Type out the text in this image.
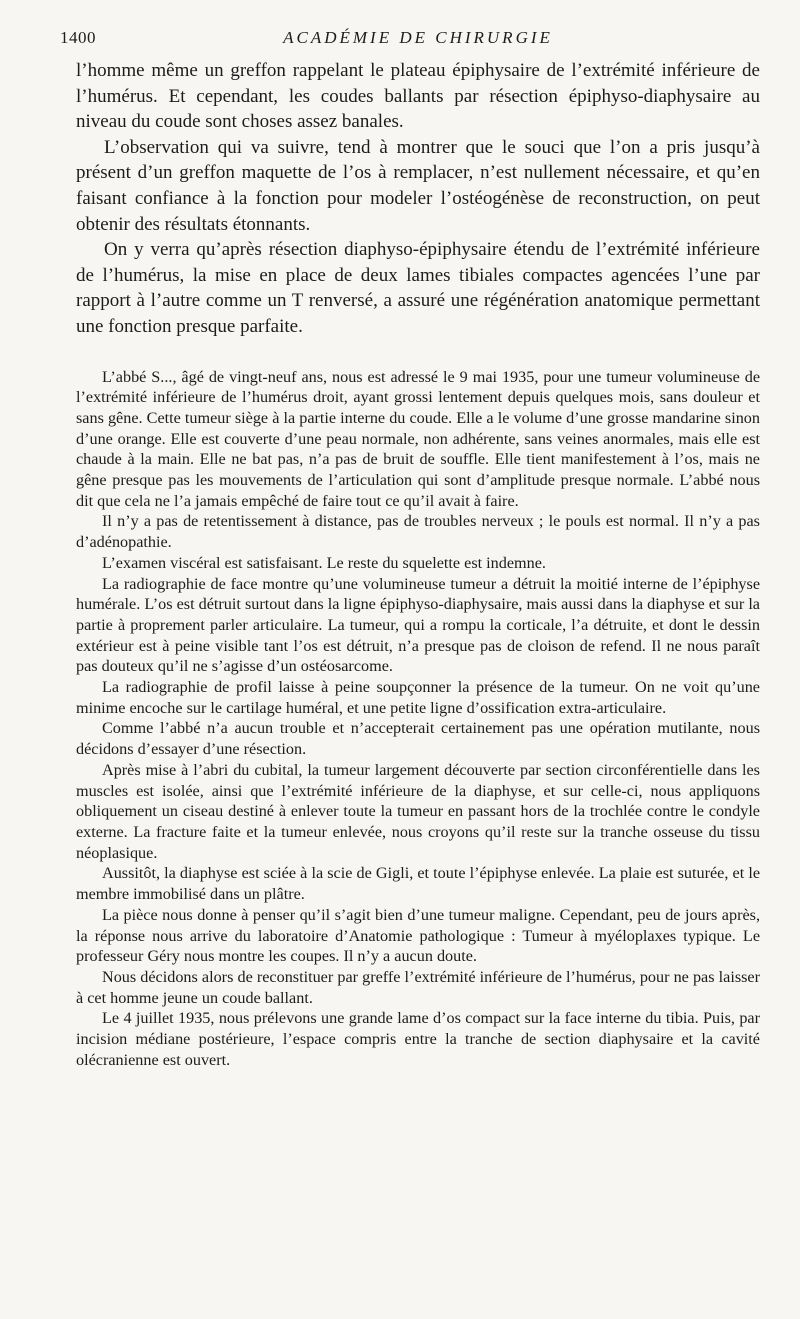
1400	ACADÉMIE DE CHIRURGIE

l’homme même un greffon rappelant le plateau épiphysaire de l’extrémité inférieure de l’humérus. Et cependant, les coudes ballants par résection épiphyso-diaphysaire au niveau du coude sont choses assez banales.

L’observation qui va suivre, tend à montrer que le souci que l’on a pris jusqu’à présent d’un greffon maquette de l’os à remplacer, n’est nullement nécessaire, et qu’en faisant confiance à la fonction pour modeler l’ostéogénèse de reconstruction, on peut obtenir des résultats étonnants.

On y verra qu’après résection diaphyso-épiphysaire étendu de l’extrémité inférieure de l’humérus, la mise en place de deux lames tibiales compactes agencées l’une par rapport à l’autre comme un T renversé, a assuré une régénération anatomique permettant une fonction presque parfaite.

L’abbé S..., âgé de vingt-neuf ans, nous est adressé le 9 mai 1935, pour une tumeur volumineuse de l’extrémité inférieure de l’humérus droit, ayant grossi lentement depuis quelques mois, sans douleur et sans gêne. Cette tumeur siège à la partie interne du coude. Elle a le volume d’une grosse mandarine sinon d’une orange. Elle est couverte d’une peau normale, non adhérente, sans veines anormales, mais elle est chaude à la main. Elle ne bat pas, n’a pas de bruit de souffle. Elle tient manifestement à l’os, mais ne gêne presque pas les mouvements de l’articulation qui sont d’amplitude presque normale. L’abbé nous dit que cela ne l’a jamais empêché de faire tout ce qu’il avait à faire.

Il n’y a pas de retentissement à distance, pas de troubles nerveux ; le pouls est normal. Il n’y a pas d’adénopathie.

L’examen viscéral est satisfaisant. Le reste du squelette est indemne.

La radiographie de face montre qu’une volumineuse tumeur a détruit la moitié interne de l’épiphyse humérale. L’os est détruit surtout dans la ligne épiphyso-diaphysaire, mais aussi dans la diaphyse et sur la partie à proprement parler articulaire. La tumeur, qui a rompu la corticale, l’a détruite, et dont le dessin extérieur est à peine visible tant l’os est détruit, n’a presque pas de cloison de refend. Il ne nous paraît pas douteux qu’il ne s’agisse d’un ostéosarcome.

La radiographie de profil laisse à peine soupçonner la présence de la tumeur. On ne voit qu’une minime encoche sur le cartilage huméral, et une petite ligne d’ossification extra-articulaire.

Comme l’abbé n’a aucun trouble et n’accepterait certainement pas une opération mutilante, nous décidons d’essayer d’une résection.

Après mise à l’abri du cubital, la tumeur largement découverte par section circonférentielle dans les muscles est isolée, ainsi que l’extrémité inférieure de la diaphyse, et sur celle-ci, nous appliquons obliquement un ciseau destiné à enlever toute la tumeur en passant hors de la trochlée contre le condyle externe. La fracture faite et la tumeur enlevée, nous croyons qu’il reste sur la tranche osseuse du tissu néoplasique.

Aussitôt, la diaphyse est sciée à la scie de Gigli, et toute l’épiphyse enlevée. La plaie est suturée, et le membre immobilisé dans un plâtre.

La pièce nous donne à penser qu’il s’agit bien d’une tumeur maligne. Cependant, peu de jours après, la réponse nous arrive du laboratoire d’Anatomie pathologique : Tumeur à myéloplaxes typique. Le professeur Géry nous montre les coupes. Il n’y a aucun doute.

Nous décidons alors de reconstituer par greffe l’extrémité inférieure de l’humérus, pour ne pas laisser à cet homme jeune un coude ballant.

Le 4 juillet 1935, nous prélevons une grande lame d’os compact sur la face interne du tibia. Puis, par incision médiane postérieure, l’espace compris entre la tranche de section diaphysaire et la cavité olécranienne est ouvert.
